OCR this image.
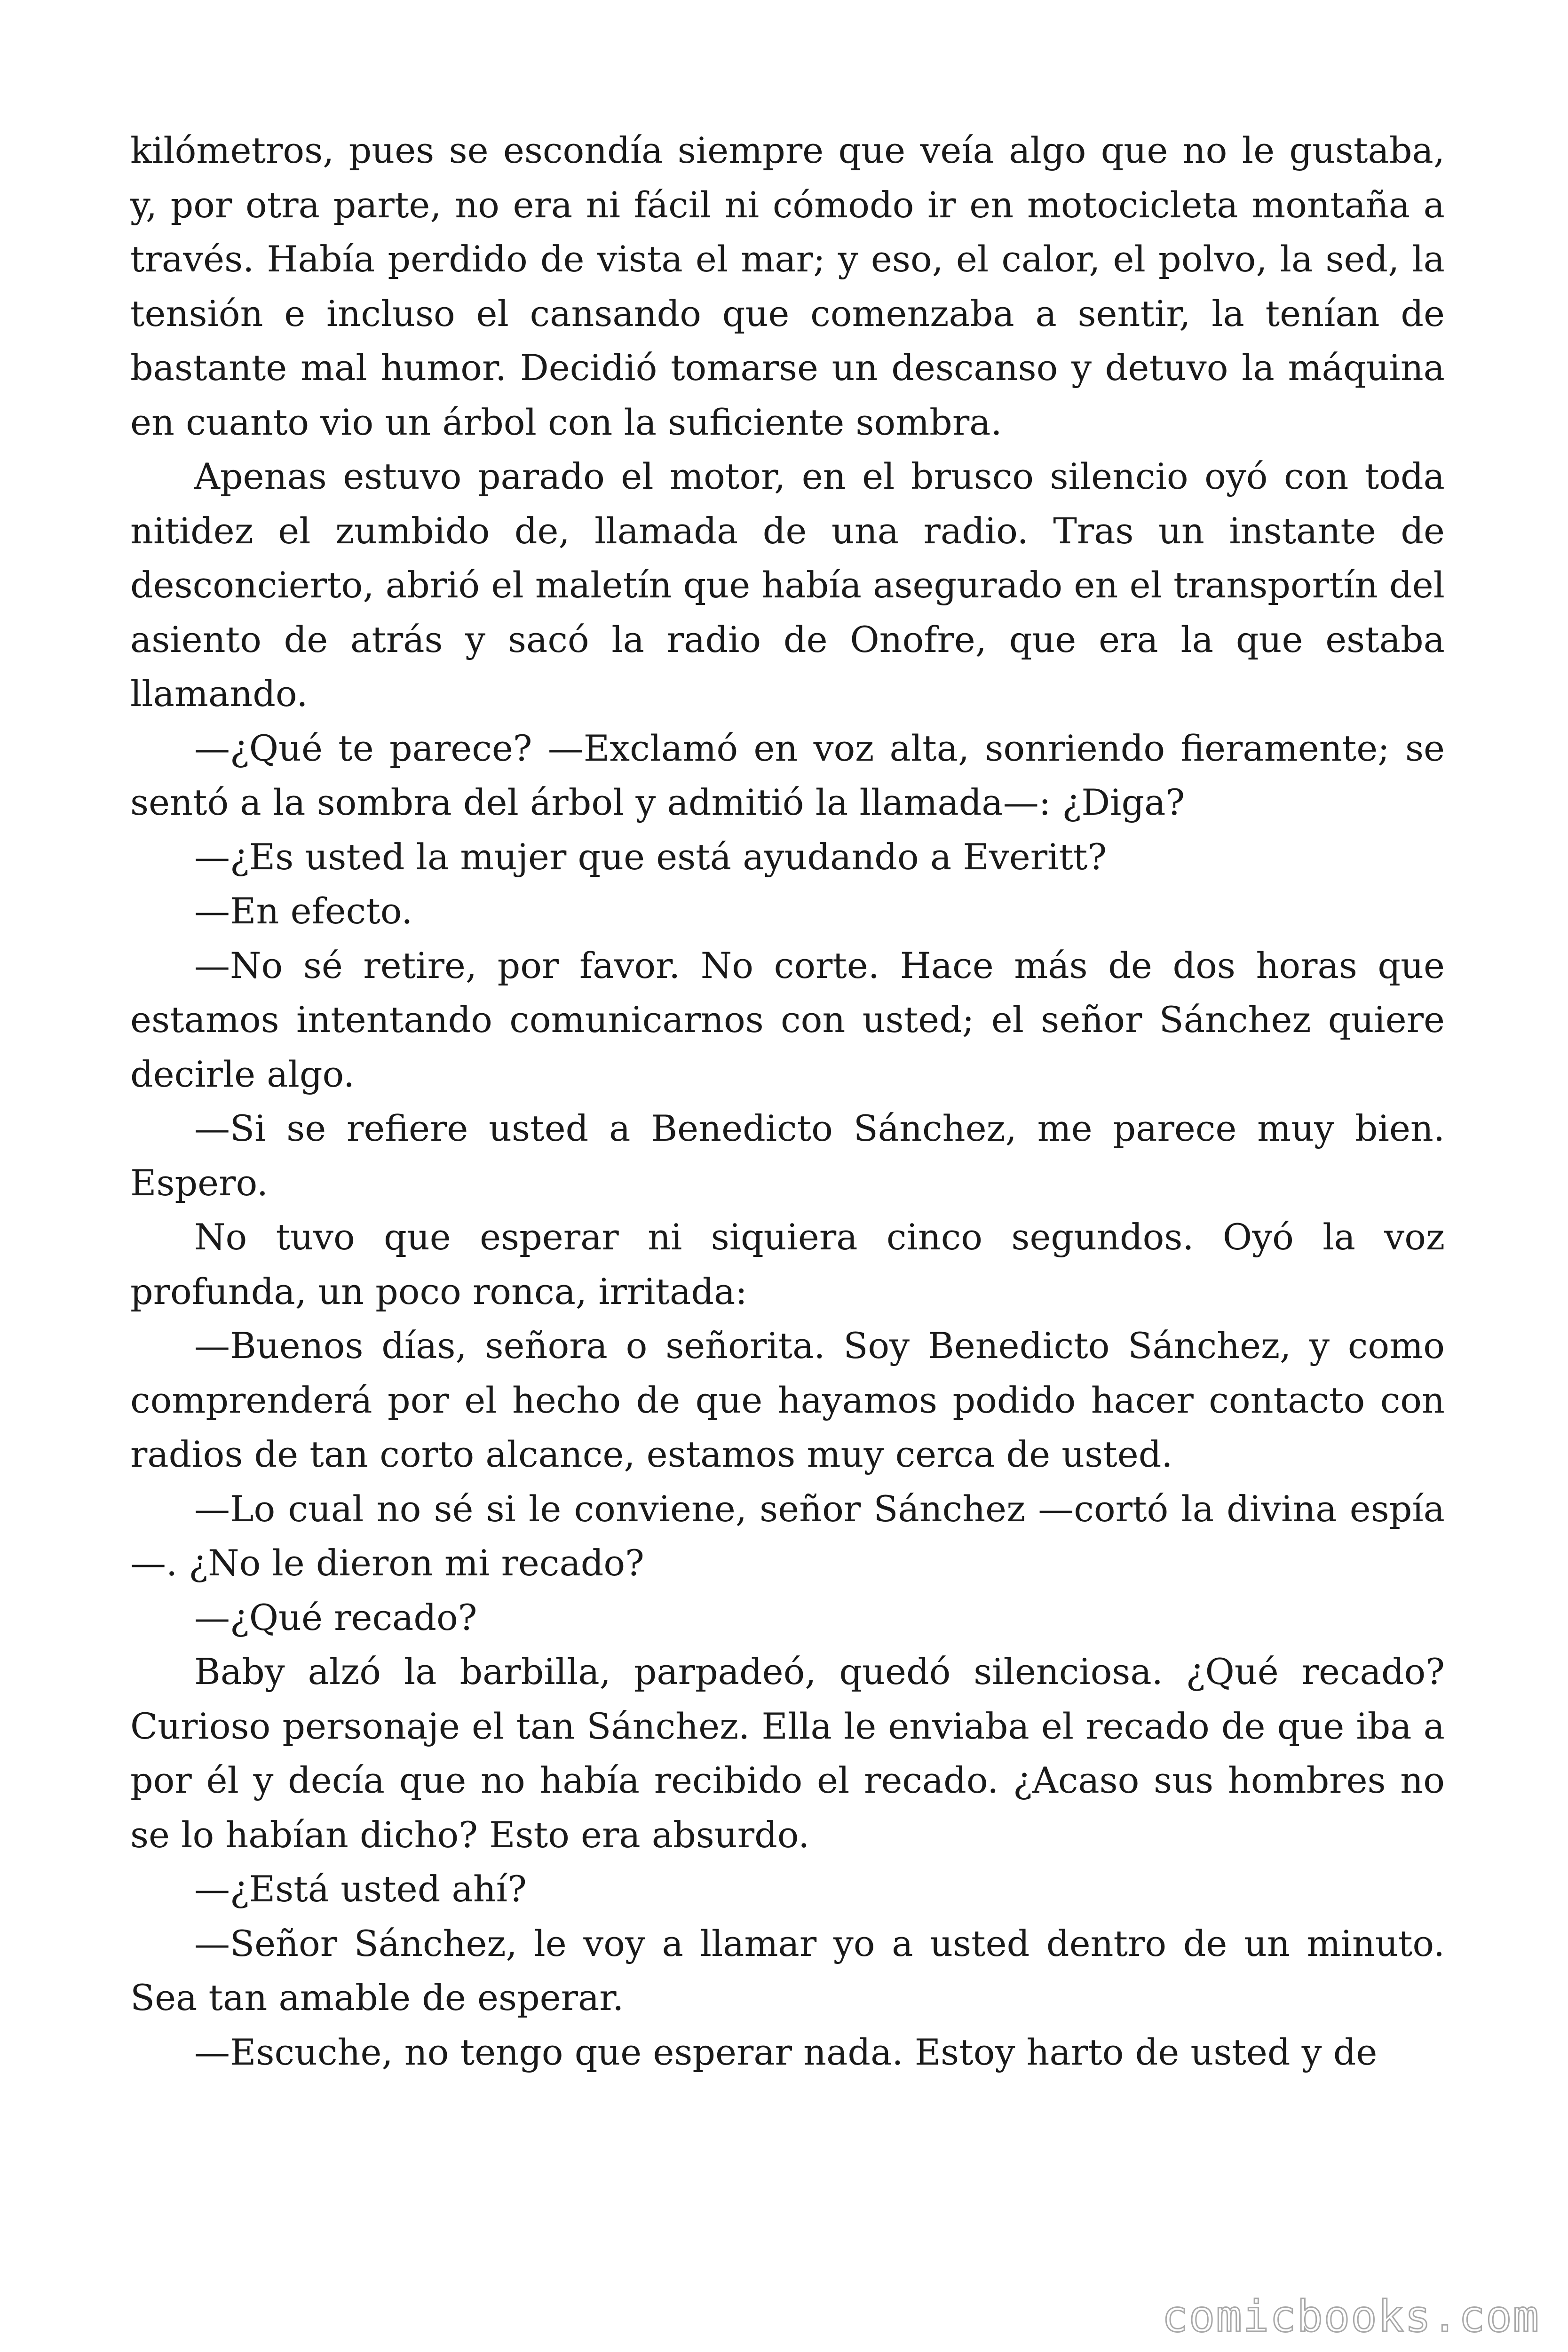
kilómetros, pues se escondía siempre que veía algo que no le gustaba, y, por otra parte, no era ni fácil ni cómodo ir en motocicleta montaña a través. Había perdido de vista el mar; y eso, el calor, el polvo, la sed, la tensión e incluso el cansando que comenzaba a sentir, la tenían de bastante mal humor. Decidió tomarse un descanso y detuvo la máquina en cuanto vio un árbol con la suficiente sombra.

Apenas estuvo parado el motor, en el brusco silencio oyó con toda nitidez el zumbido de, llamada de una radio. Tras un instante de desconcierto, abrió el maletín que había asegurado en el transportín del asiento de atrás y sacó la radio de Onofre, que era la que estaba llamando.

—¿Qué te parece? —Exclamó en voz alta, sonriendo fieramente; se sentó a la sombra del árbol y admitió la llamada—: ¿Diga?

—¿Es usted la mujer que está ayudando a Everitt?

—En efecto.

—No sé retire, por favor. No corte. Hace más de dos horas que estamos intentando comunicarnos con usted; el señor Sánchez quiere decirle algo.

—Si se refiere usted a Benedicto Sánchez, me parece muy bien. Espero.

No tuvo que esperar ni siquiera cinco segundos. Oyó la voz profunda, un poco ronca, irritada:

—Buenos días, señora o señorita. Soy Benedicto Sánchez, y como comprenderá por el hecho de que hayamos podido hacer contacto con radios de tan corto alcance, estamos muy cerca de usted.

—Lo cual no sé si le conviene, señor Sánchez —cortó la divina espía—. ¿No le dieron mi recado?

—¿Qué recado?

Baby alzó la barbilla, parpadeó, quedó silenciosa. ¿Qué recado? Curioso personaje el tan Sánchez. Ella le enviaba el recado de que iba a por él y decía que no había recibido el recado. ¿Acaso sus hombres no se lo habían dicho? Esto era absurdo.

—¿Está usted ahí?

—Señor Sánchez, le voy a llamar yo a usted dentro de un minuto. Sea tan amable de esperar.

—Escuche, no tengo que esperar nada. Estoy harto de usted y de

comicbooks.com
